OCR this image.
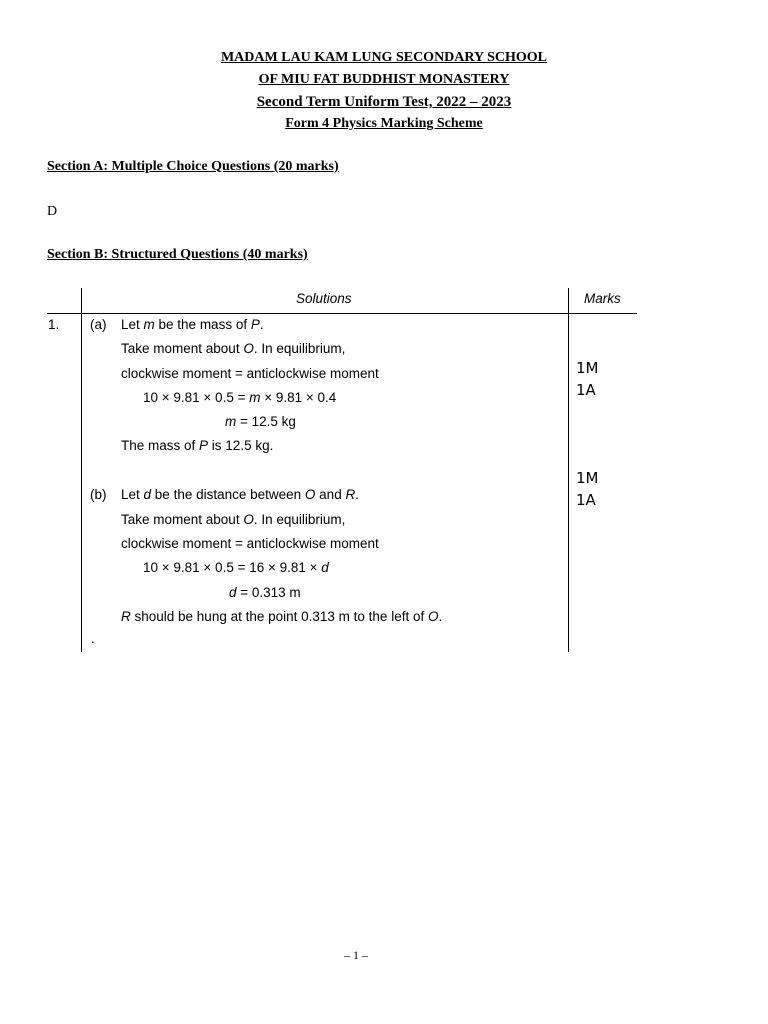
MADAM LAU KAM LUNG SECONDARY SCHOOL
OF MIU FAT BUDDHIST MONASTERY
Second Term Uniform Test, 2022 – 2023
Form 4 Physics Marking Scheme
Section A: Multiple Choice Questions (20 marks)
D
Section B: Structured Questions (40 marks)
Solutions	Marks
1. (a) Let m be the mass of P.
Take moment about O. In equilibrium,
clockwise moment = anticlockwise moment
10 × 9.81 × 0.5 = m × 9.81 × 0.4
m = 12.5 kg
The mass of P is 12.5 kg.
1M
1A
(b) Let d be the distance between O and R.
Take moment about O. In equilibrium,
clockwise moment = anticlockwise moment
10 × 9.81 × 0.5 = 16 × 9.81 × d
d = 0.313 m
R should be hung at the point 0.313 m to the left of O.
1M
1A
.
– 1 –
